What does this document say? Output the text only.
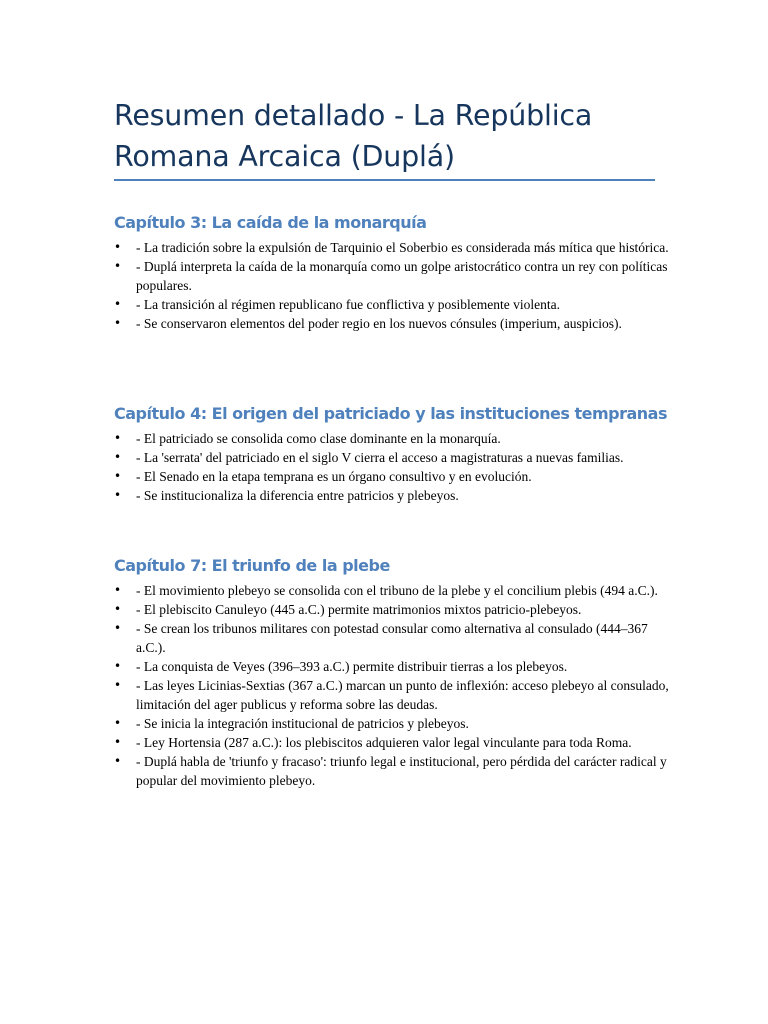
Resumen detallado - La República Romana Arcaica (Duplá)
Capítulo 3: La caída de la monarquía
• - La tradición sobre la expulsión de Tarquinio el Soberbio es considerada más mítica que histórica.
• - Duplá interpreta la caída de la monarquía como un golpe aristocrático contra un rey con políticas populares.
• - La transición al régimen republicano fue conflictiva y posiblemente violenta.
• - Se conservaron elementos del poder regio en los nuevos cónsules (imperium, auspicios).
Capítulo 4: El origen del patriciado y las instituciones tempranas
• - El patriciado se consolida como clase dominante en la monarquía.
• - La 'serrata' del patriciado en el siglo V cierra el acceso a magistraturas a nuevas familias.
• - El Senado en la etapa temprana es un órgano consultivo y en evolución.
• - Se institucionaliza la diferencia entre patricios y plebeyos.
Capítulo 7: El triunfo de la plebe
• - El movimiento plebeyo se consolida con el tribuno de la plebe y el concilium plebis (494 a.C.).
• - El plebiscito Canuleyo (445 a.C.) permite matrimonios mixtos patricio-plebeyos.
• - Se crean los tribunos militares con potestad consular como alternativa al consulado (444–367 a.C.).
• - La conquista de Veyes (396–393 a.C.) permite distribuir tierras a los plebeyos.
• - Las leyes Licinias-Sextias (367 a.C.) marcan un punto de inflexión: acceso plebeyo al consulado, limitación del ager publicus y reforma sobre las deudas.
• - Se inicia la integración institucional de patricios y plebeyos.
• - Ley Hortensia (287 a.C.): los plebiscitos adquieren valor legal vinculante para toda Roma.
• - Duplá habla de 'triunfo y fracaso': triunfo legal e institucional, pero pérdida del carácter radical y popular del movimiento plebeyo.
